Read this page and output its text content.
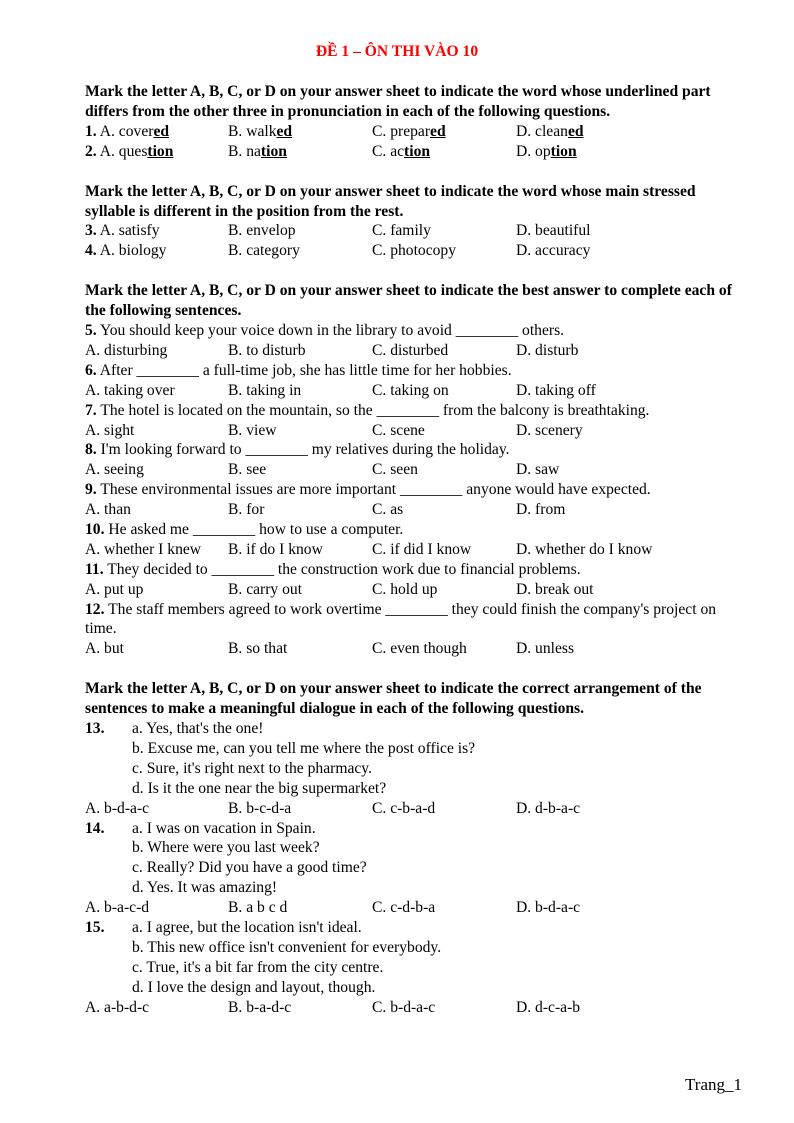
ĐỀ 1 – ÔN THI VÀO 10

Mark the letter A, B, C, or D on your answer sheet to indicate the word whose underlined part differs from the other three in pronunciation in each of the following questions.

1. A. covered	B. walked	C. prepared	D. cleaned
2. A. question	B. nation	C. action	D. option

Mark the letter A, B, C, or D on your answer sheet to indicate the word whose main stressed syllable is different in the position from the rest.

3. A. satisfy	B. envelop	C. family	D. beautiful
4. A. biology	B. category	C. photocopy	D. accuracy

Mark the letter A, B, C, or D on your answer sheet to indicate the best answer to complete each of the following sentences.

5. You should keep your voice down in the library to avoid ________ others.
A. disturbing	B. to disturb	C. disturbed	D. disturb
6. After ________ a full-time job, she has little time for her hobbies.
A. taking over	B. taking in	C. taking on	D. taking off
7. The hotel is located on the mountain, so the ________ from the balcony is breathtaking.
A. sight	B. view	C. scene	D. scenery
8. I'm looking forward to ________ my relatives during the holiday.
A. seeing	B. see	C. seen	D. saw
9. These environmental issues are more important ________ anyone would have expected.
A. than	B. for	C. as	D. from
10. He asked me ________ how to use a computer.
A. whether I knew B. if do I know	C. if did I know	D. whether do I know
11. They decided to ________ the construction work due to financial problems.
A. put up	B. carry out	C. hold up	D. break out
12. The staff members agreed to work overtime ________ they could finish the company's project on time.
A. but	B. so that	C. even though	D. unless

Mark the letter A, B, C, or D on your answer sheet to indicate the correct arrangement of the sentences to make a meaningful dialogue in each of the following questions.

13. a. Yes, that's the one!
b. Excuse me, can you tell me where the post office is?
c. Sure, it's right next to the pharmacy.
d. Is it the one near the big supermarket?
A. b-d-a-c	B. b-c-d-a	C. c-b-a-d	D. d-b-a-c
14. a. I was on vacation in Spain.
b. Where were you last week?
c. Really? Did you have a good time?
d. Yes. It was amazing!
A. b-a-c-d	B. a b c d	C. c-d-b-a	D. b-d-a-c
15. a. I agree, but the location isn't ideal.
b. This new office isn't convenient for everybody.
c. True, it's a bit far from the city centre.
d. I love the design and layout, though.
A. a-b-d-c	B. b-a-d-c	C. b-d-a-c	D. d-c-a-b
Trang_1
